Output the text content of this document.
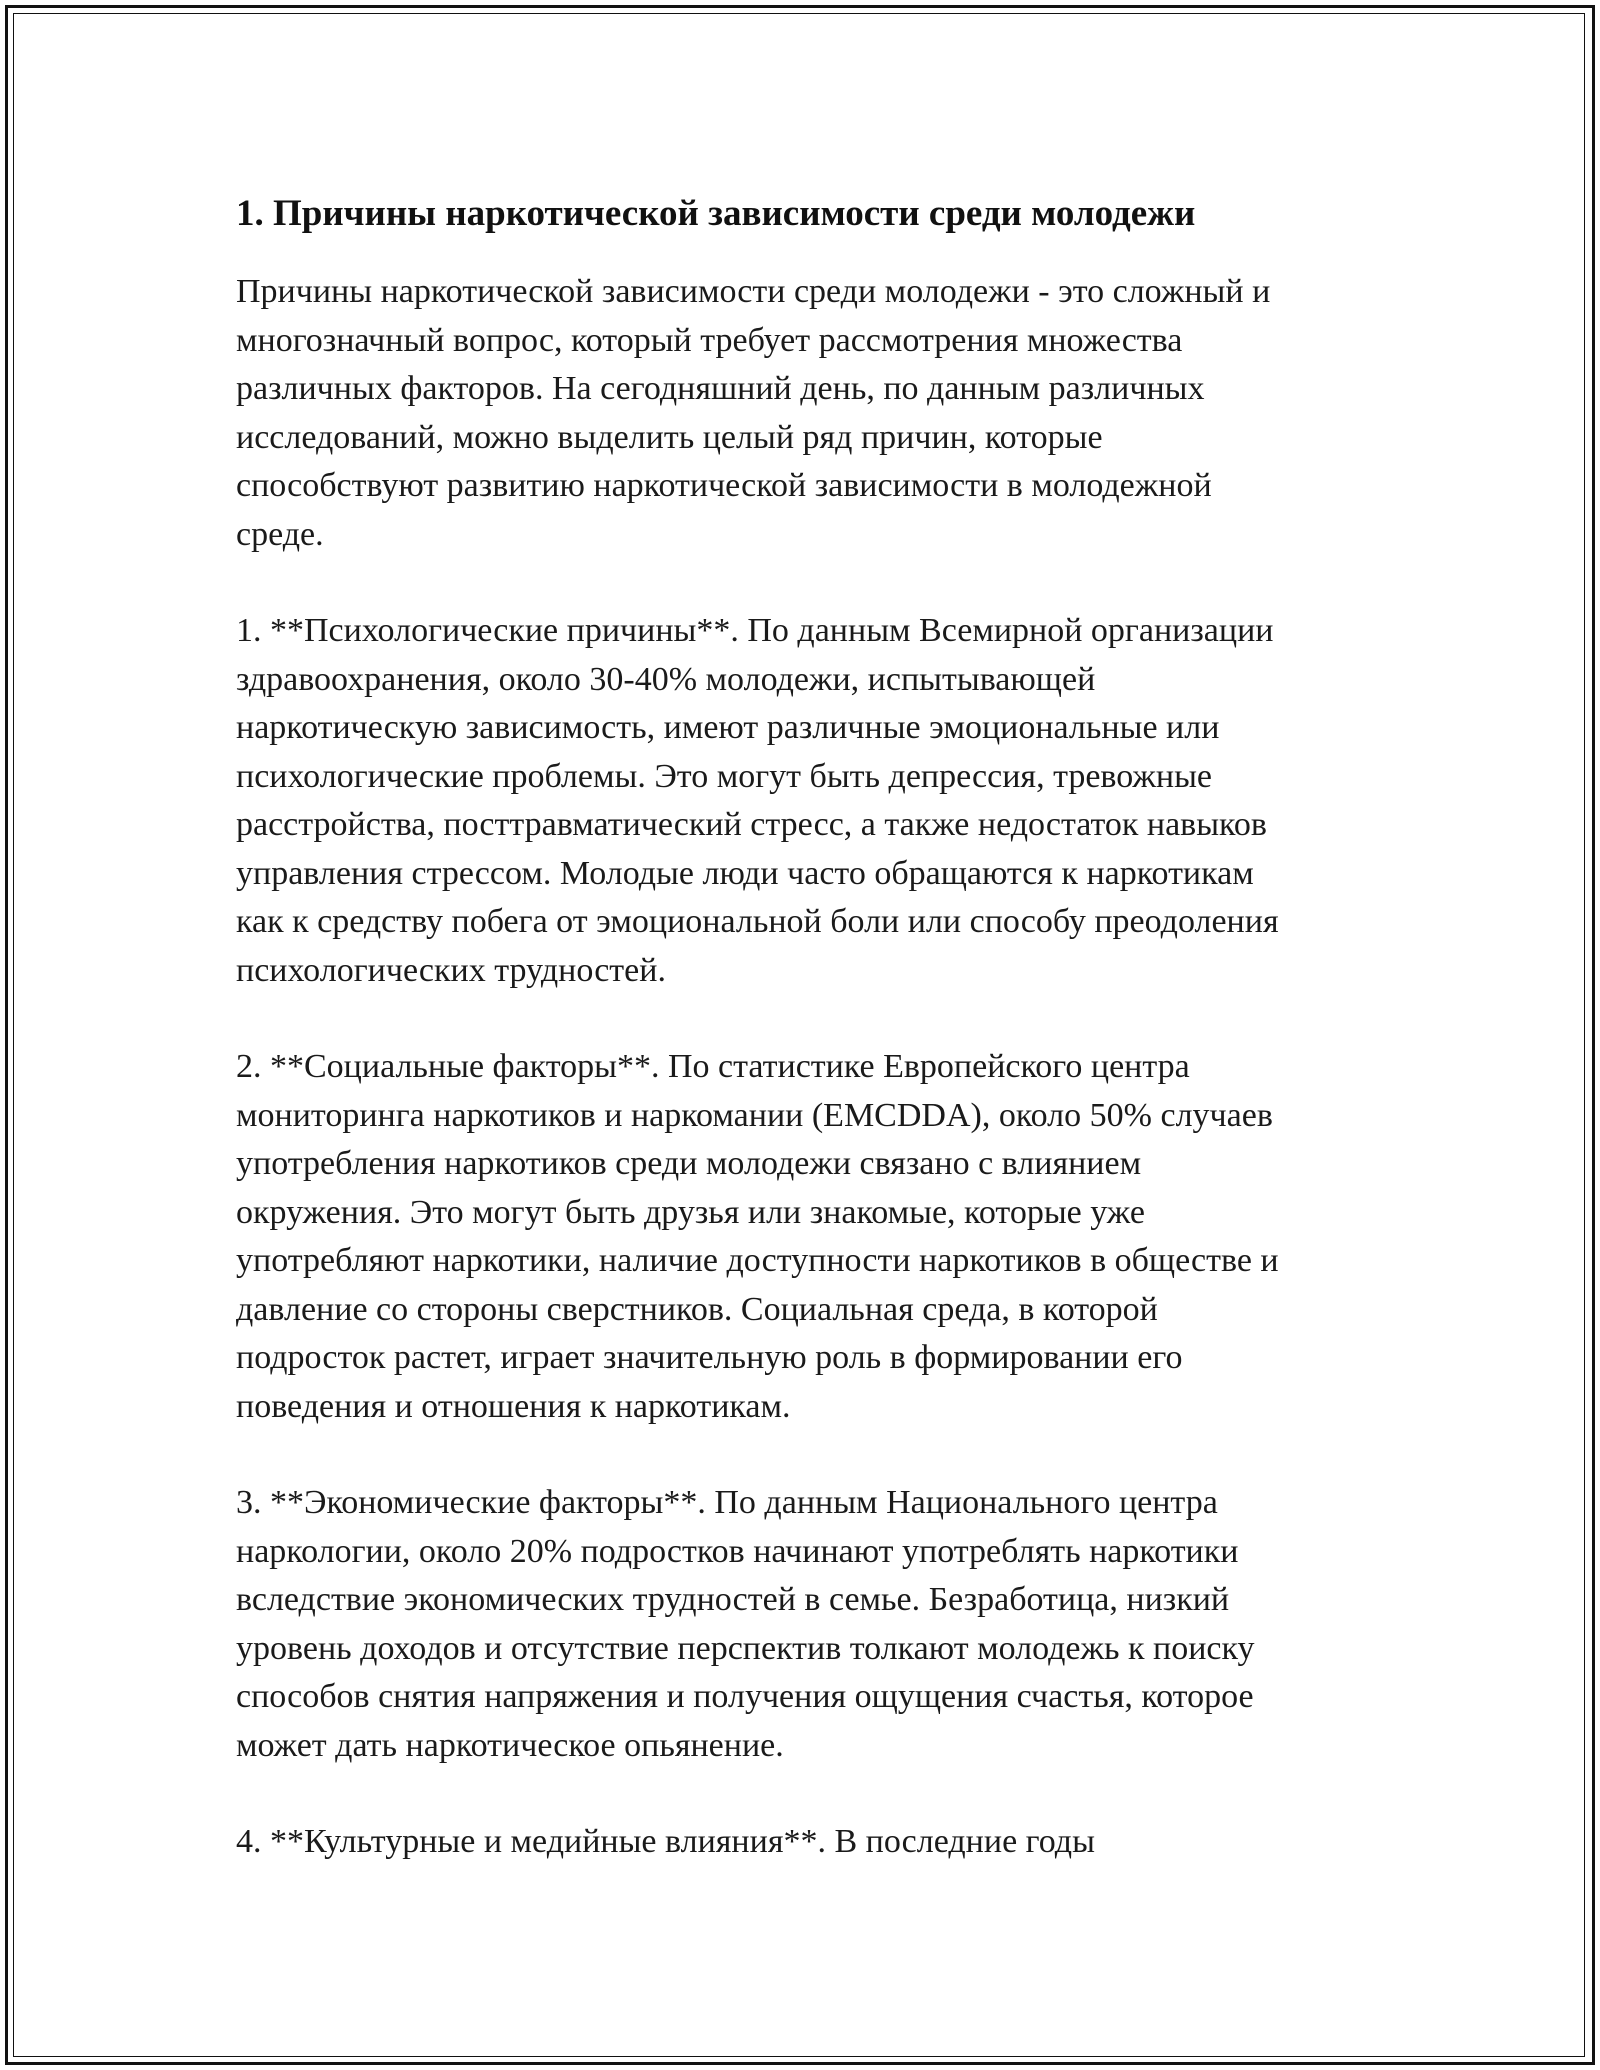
1. Причины наркотической зависимости среди молодежи

Причины наркотической зависимости среди молодежи - это сложный и
многозначный вопрос, который требует рассмотрения множества
различных факторов. На сегодняшний день, по данным различных
исследований, можно выделить целый ряд причин, которые
способствуют развитию наркотической зависимости в молодежной
среде.

1. **Психологические причины**. По данным Всемирной организации
здравоохранения, около 30-40% молодежи, испытывающей
наркотическую зависимость, имеют различные эмоциональные или
психологические проблемы. Это могут быть депрессия, тревожные
расстройства, посттравматический стресс, а также недостаток навыков
управления стрессом. Молодые люди часто обращаются к наркотикам
как к средству побега от эмоциональной боли или способу преодоления
психологических трудностей.

2. **Социальные факторы**. По статистике Европейского центра
мониторинга наркотиков и наркомании (EMCDDA), около 50% случаев
употребления наркотиков среди молодежи связано с влиянием
окружения. Это могут быть друзья или знакомые, которые уже
употребляют наркотики, наличие доступности наркотиков в обществе и
давление со стороны сверстников. Социальная среда, в которой
подросток растет, играет значительную роль в формировании его
поведения и отношения к наркотикам.

3. **Экономические факторы**. По данным Национального центра
наркологии, около 20% подростков начинают употреблять наркотики
вследствие экономических трудностей в семье. Безработица, низкий
уровень доходов и отсутствие перспектив толкают молодежь к поиску
способов снятия напряжения и получения ощущения счастья, которое
может дать наркотическое опьянение.

4. **Культурные и медийные влияния**. В последние годы
